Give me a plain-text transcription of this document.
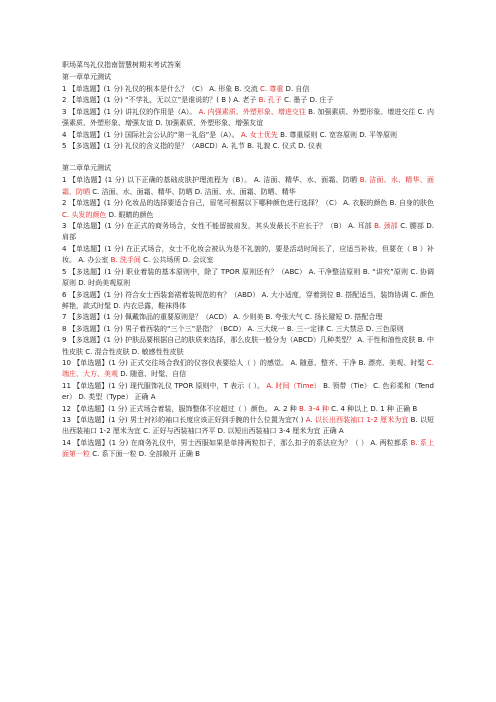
职场菜鸟礼仪指南智慧树期末考试答案

第一章单元测试

1 【单选题】(1 分) 礼仪的根本是什么？（C） A. 形象 B. 交流 C. 尊重 D. 自信

2 【单选题】(1 分) “不学礼，无以立”是谁说的？( B ) A. 老子 B. 孔子 C. 墨子 D. 庄子

3 【单选题】(1 分) 讲礼仪的作用是（A）。 A. 内强素质、外塑形象、增进交往 B. 加强素质、外塑形象、增进交往 C. 内强素质、外塑形象、增强友谊 D. 加强素质、外塑形象、增强友谊

4 【单选题】(1 分) 国际社会公认的“第一礼俗”是（A）。 A. 女士优先 B. 尊重原则 C. 宽容原则 D. 平等原则

5 【多选题】(1 分) 礼仪的含义指的是？（ABCD）A. 礼节 B. 礼貌 C. 仪式 D. 仪表

第二章单元测试

1 【单选题】(1 分) 以下正确的基础皮肤护理流程为（B）。 A. 洁面、精华、水、面霜、防晒 B. 洁面、水、精华、面霜、防晒 C. 洁面、水、面霜、精华、防晒 D. 洁面、水、面霜、防晒、精华

2 【单选题】(1 分) 化妆品的选择要适合自己，眉笔可根据以下哪种颜色进行选择？（C） A. 衣服的颜色 B. 自身的肤色 C. 头发的颜色 D. 眼睛的颜色

3 【单选题】(1 分) 在正式的商务场合，女性不能留披肩发，其头发最长不应长于？（B） A. 耳部 B. 颈部 C. 腰部 D. 肩部

4 【单选题】(1 分) 在正式场合，女士不化妆会被认为是不礼貌的，要是活动时间长了，应适当补妆，但要在（ B ）补妆。 A. 办公室 B. 洗手间 C. 公共场所 D. 会议室

5 【多选题】(1 分) 职业着装的基本原则中，除了 TPOR 原则还有？（ABC） A. 干净整洁原则 B. “讲究”原则 C. 协调原则 D. 时尚美观原则

6 【多选题】(1 分) 符合女士西装套裙着装规范的有？（ABD） A. 大小适度，穿着到位 B. 搭配适当，装饰协调 C. 颜色鲜艳，款式时髦 D. 内衣忌露，鞋袜得体

7 【多选题】(1 分) 佩戴饰品的重要原则是？（ACD） A. 少则美 B. 夸张大气 C. 扬长避短 D. 搭配合理

8 【多选题】(1 分) 男子着西装的“三个三”是指？（BCD） A. 三大统一 B. 三一定律 C. 三大禁忌 D. 三色原则

9 【多选题】(1 分) 护肤品要根据自己的肤质来选择，那么皮肤一般分为（ABCD）几种类型？ A. 干性和油性皮肤 B. 中性皮肤 C. 混合性皮肤 D. 敏感性性皮肤

10 【单选题】(1 分) 正式交往场合我们的仪容仪表要给人（ ）的感觉。 A. 随意、整齐、干净 B. 漂亮、美观、时髦 C. 端庄、大方、美观 D. 随意、时髦、自信

11 【单选题】(1 分) 现代服饰礼仪 TPOR 原则中，T 表示（ ）。 A. 时间（Time） B. 领带（Tie） C. 色彩柔和（Tender） D. 类型（Type） 正确 A

12 【单选题】(1 分) 正式场合着装，服饰整体不应超过（ ）颜色。 A. 2 种 B. 3-4 种 C. 4 种以上 D. 1 种 正确 B

13 【单选题】(1 分) 男士衬衫的袖口长度应该正好到手腕的什么位置为宜?( ) A. 以长出西装袖口 1-2 厘米为宜 B. 以短出西装袖口 1-2 厘米为宜 C. 正好与西装袖口齐平 D. 以短出西装袖口 3-4 厘米为宜 正确 A

14 【单选题】(1 分) 在商务礼仪中，男士西服如果是单排两粒扣子，那么扣子的系法应为？（ ） A. 两粒都系 B. 系上面第一粒 C. 系下面一粒 D. 全部敞开 正确 B
